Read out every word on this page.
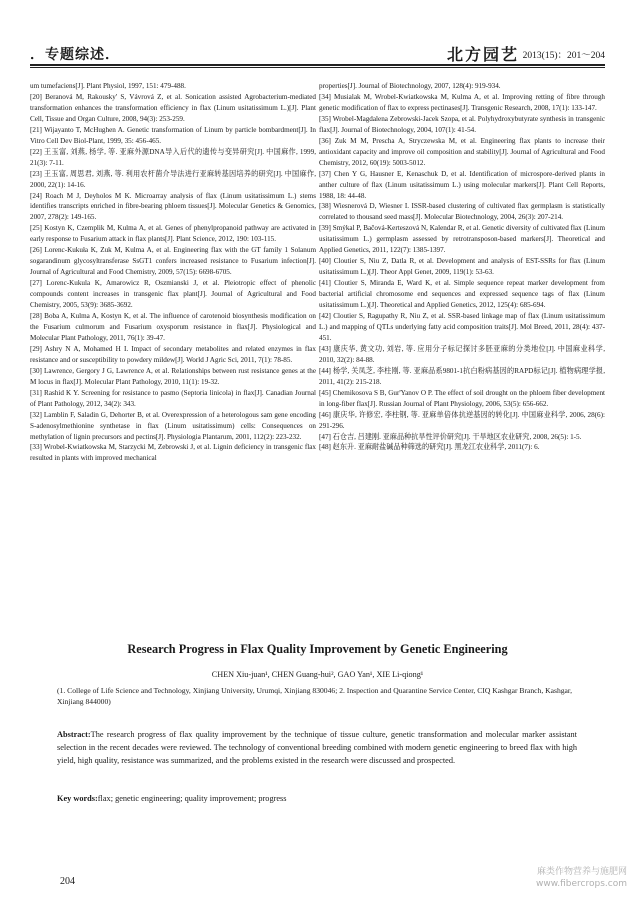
．专题综述．	北方园艺 2013(15)：201～204

um tumefaciens[J]. Plant Physiol, 1997, 151: 479-488.

[20] Beranová M, Rakousky' S, Vávrová Z, et al. Sonication assisted Agrobacterium-mediated transformation enhances the transformation efficiency in flax (Linum usitatissimum L.)[J]. Plant Cell, Tissue and Organ Culture, 2008, 94(3): 253-259.

[21] Wijayanto T, McHughen A. Genetic transformation of Linum by particle bombardment[J]. In Vitro Cell Dev Biol-Plant, 1999, 35: 456-465.

[22] 王玉富, 刘燕, 杨学, 等. 亚麻外源DNA导入后代的遗传与变异研究[J]. 中国麻作, 1999, 21(3): 7-11.

[23] 王玉富, 周思君, 刘燕, 等. 利用农杆菌介导法进行亚麻转基因培养的研究[J]. 中国麻作, 2000, 22(1): 14-16.

[24] Roach M J, Deyholos M K. Microarray analysis of flax (Linum usitatissimum L.) stems identifies transcripts enriched in fibre-bearing phloem tissues[J]. Molecular Genetics & Genomics, 2007, 278(2): 149-165.

[25] Kostyn K, Czemplik M, Kulma A, et al. Genes of phenylpropanoid pathway are activated in early response to Fusarium attack in flax plants[J]. Plant Science, 2012, 190: 103-115.

[26] Lorenc-Kukuła K, Zuk M, Kulma A, et al. Engineering flax with the GT family 1 Solanum sogarandinum glycosyltransferase SsGT1 confers increased resistance to Fusarium infection[J]. Journal of Agricultural and Food Chemistry, 2009, 57(15): 6698-6705.

[27] Lorenc-Kukula K, Amarowicz R, Oszmianski J, et al. Pleiotropic effect of phenolic compounds content increases in transgenic flax plant[J]. Journal of Agricultural and Food Chemistry, 2005, 53(9): 3685-3692.

[28] Boba A, Kulma A, Kostyn K, et al. The influence of carotenoid biosynthesis modification on the Fusarium culmorum and Fusarium oxysporum resistance in flax[J]. Physiological and Molecular Plant Pathology, 2011, 76(1): 39-47.

[29] Ashry N A, Mohamed H I. Impact of secondary metabolites and related enzymes in flax resistance and or susceptibility to powdery mildew[J]. World J Agric Sci, 2011, 7(1): 78-85.

[30] Lawrence, Gergory J G, Lawrence A, et al. Relationships between rust resistance genes at the M locus in flax[J]. Molecular Plant Pathology, 2010, 11(1): 19-32.

[31] Rashid K Y. Screening for resistance to pasmo (Septoria linicola) in flax[J]. Canadian Journal of Plant Pathology, 2012, 34(2): 343.

[32] Lamblin F, Saladin G, Dehorter B, et al. Overexpression of a heterologous sam gene encoding S-adenosylmethionine synthetase in flax (Linum usitatissimum) cells: Consequences on methylation of lignin precursors and pectins[J]. Physiologia Plantarum, 2001, 112(2): 223-232.

[33] Wrobel-Kwiatkowska M, Starzycki M, Zebrowski J, et al. Lignin deficiency in transgenic flax resulted in plants with improved mechanical

properties[J]. Journal of Biotechnology, 2007, 128(4): 919-934.

[34] Musialak M, Wrobel-Kwiatkowska M, Kulma A, et al. Improving retting of fibre through genetic modification of flax to express pectinases[J]. Transgenic Research, 2008, 17(1): 133-147.

[35] Wrobel-Magdalena Zebrowski-Jacek Szopa, et al. Polyhydroxybutyrate synthesis in transgenic flax[J]. Journal of Biotechnology, 2004, 107(1): 41-54.

[36] Zuk M M, Prescha A, Stryczewska M, et al. Engineering flax plants to increase their antioxidant capacity and improve oil composition and stability[J]. Journal of Agricultural and Food Chemistry, 2012, 60(19): 5003-5012.

[37] Chen Y G, Hausner E, Kenaschuk D, et al. Identification of microspore-derived plants in anther culture of flax (Linum usitatissimum L.) using molecular markers[J]. Plant Cell Reports, 1988, 18: 44-48.

[38] Wiesnerová D, Wiesner I. ISSR-based clustering of cultivated flax germplasm is statistically correlated to thousand seed mass[J]. Molecular Biotechnology, 2004, 26(3): 207-214.

[39] Smýkal P, Bačová-Kerteszová N, Kalendar R, et al. Genetic diversity of cultivated flax (Linum usitatissimum L.) germplasm assessed by retrotransposon-based markers[J]. Theoretical and Applied Genetics, 2011, 122(7): 1385-1397.

[40] Cloutier S, Niu Z, Datla R, et al. Development and analysis of EST-SSRs for flax (Linum usitatissimum L.)[J]. Theor Appl Genet, 2009, 119(1): 53-63.

[41] Cloutier S, Miranda E, Ward K, et al. Simple sequence repeat marker development from bacterial artificial chromosome end sequences and expressed sequence tags of flax (Linum usitatissimum L.)[J]. Theoretical and Applied Genetics, 2012, 125(4): 685-694.

[42] Cloutier S, Ragupathy R, Niu Z, et al. SSR-based linkage map of flax (Linum usitatissimum L.) and mapping of QTLs underlying fatty acid composition traits[J]. Mol Breed, 2011, 28(4): 437-451.

[43] 康庆华, 黄文功, 刘岩, 等. 应用分子标记探讨多胚亚麻的分类地位[J]. 中国麻业科学, 2010, 32(2): 84-88.

[44] 杨学, 关凤芝, 李柱刚, 等. 亚麻品系9801-1抗白粉病基因的RAPD标记[J]. 植物病理学报, 2011, 41(2): 215-218.

[45] Chemikosova S B, Gur'Yanov O P. The effect of soil drought on the phloem fiber development in long-fiber flax[J]. Russian Journal of Plant Physiology, 2006, 53(5): 656-662.

[46] 康庆华, 许修宏, 李柱钢, 等. 亚麻单倍体抗逆基因的转化[J]. 中国麻业科学, 2006, 28(6): 291-296.

[47] 石仓吉, 吕建刚. 亚麻品种抗旱性评价研究[J]. 干旱地区农业研究, 2008, 26(5): 1-5.

[48] 赵东升. 亚麻耐盐碱品种筛选的研究[J]. 黑龙江农业科学, 2011(7): 6.

Research Progress in Flax Quality Improvement by Genetic Engineering
CHEN Xiu-juan¹, CHEN Guang-hui², GAO Yan¹, XIE Li-qiong¹
(1. College of Life Science and Technology, Xinjiang University, Urumqi, Xinjiang 830046; 2. Inspection and Quarantine Service Center, CIQ Kashgar Branch, Kashgar, Xinjiang 844000)
Abstract:The research progress of flax quality improvement by the technique of tissue culture, genetic transformation and molecular marker assistant selection in the recent decades were reviewed. The technology of conventional breeding combined with modern genetic engineering to breed flax with high yield, high quality, resistance was summarized, and the problems existed in the research were discussed and prospected.
Key words:flax; genetic engineering; quality improvement; progress
204
麻类作物营养与施肥网
www.fibercrops.com
